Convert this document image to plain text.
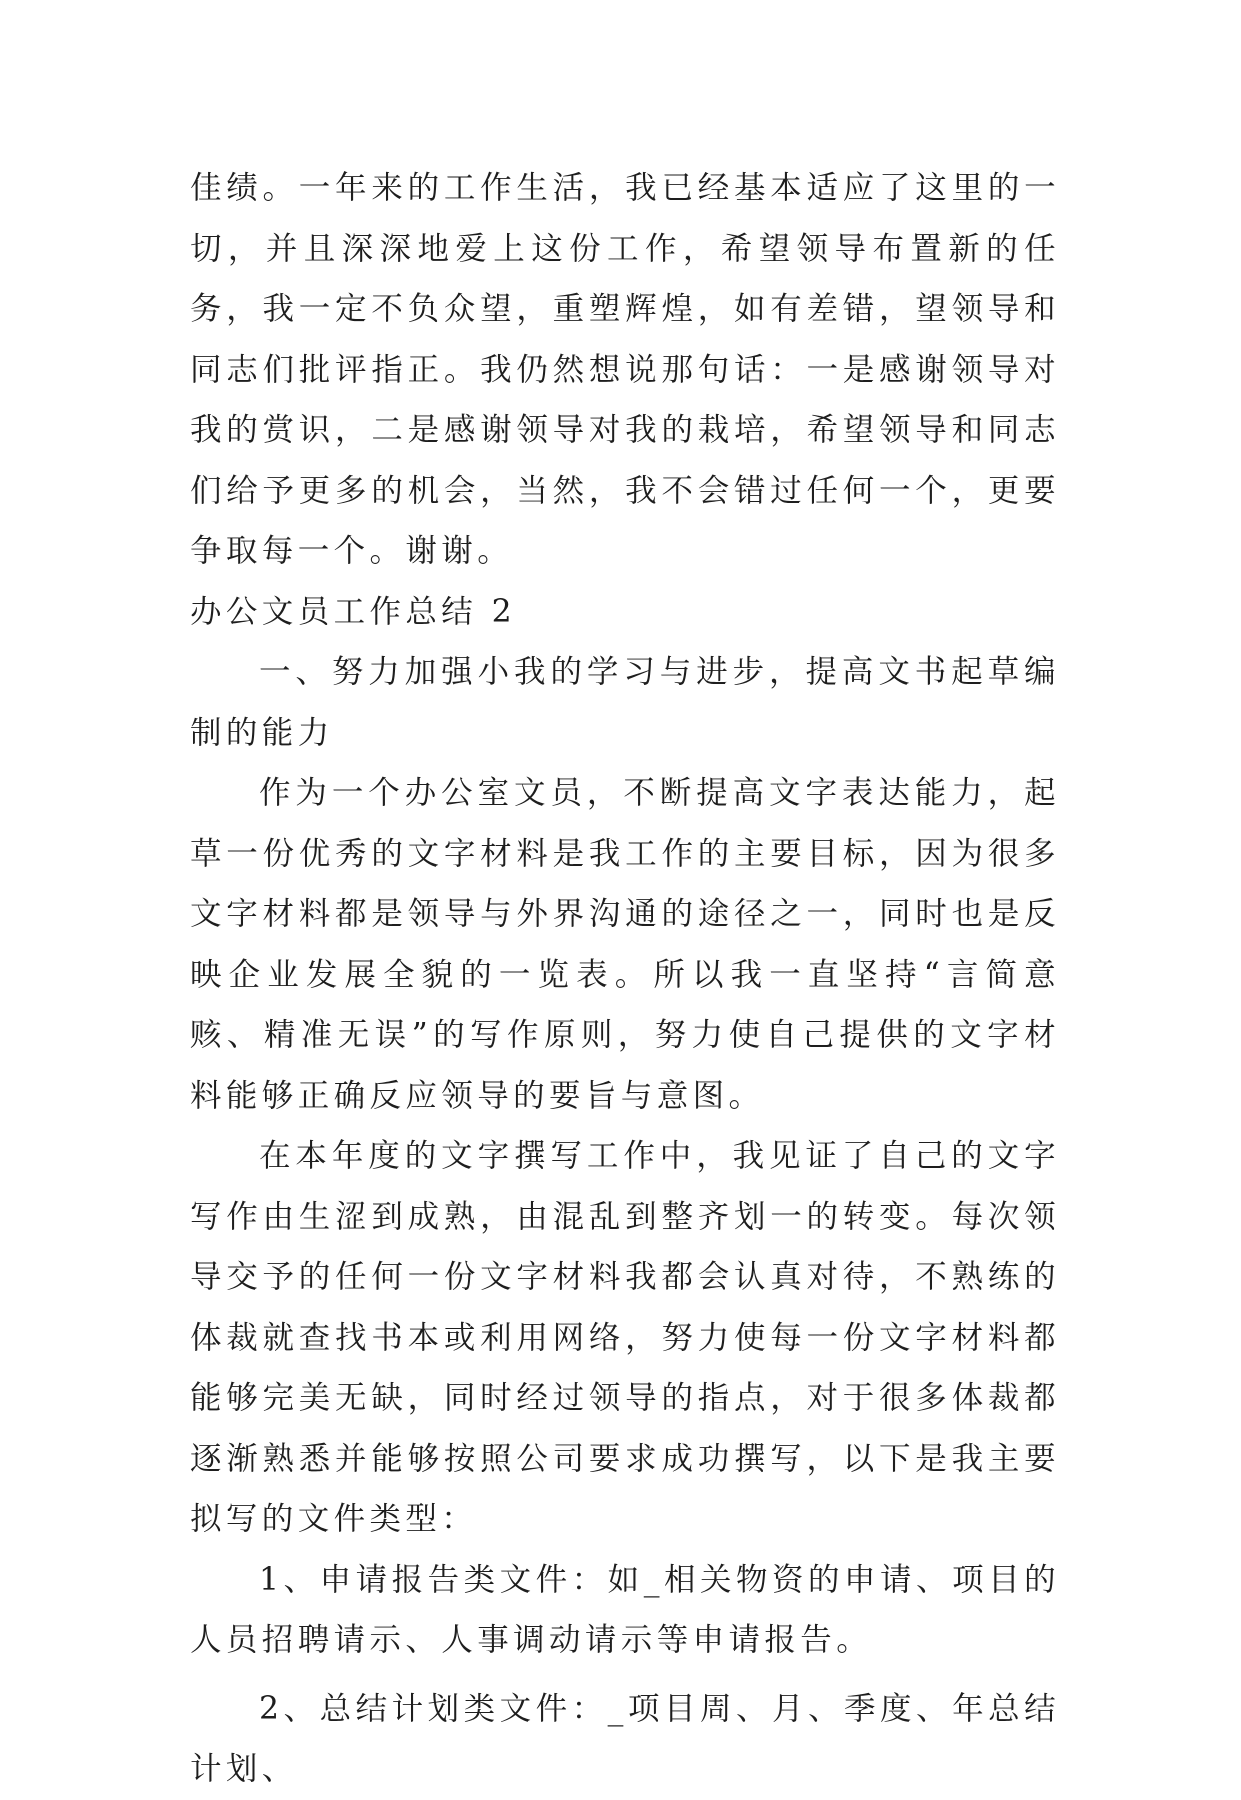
佳绩。一年来的工作生活，我已经基本适应了这里的一切，并且深深地爱上这份工作，希望领导布置新的任务，我一定不负众望，重塑辉煌，如有差错，望领导和同志们批评指正。我仍然想说那句话：一是感谢领导对我的赏识，二是感谢领导对我的栽培，希望领导和同志们给予更多的机会，当然，我不会错过任何一个，更要争取每一个。谢谢。

办公文员工作总结 2

一、努力加强小我的学习与进步，提高文书起草编制的能力

作为一个办公室文员，不断提高文字表达能力，起草一份优秀的文字材料是我工作的主要目标，因为很多文字材料都是领导与外界沟通的途径之一，同时也是反映企业发展全貌的一览表。所以我一直坚持“言简意赅、精准无误”的写作原则，努力使自己提供的文字材料能够正确反应领导的要旨与意图。

在本年度的文字撰写工作中，我见证了自己的文字写作由生涩到成熟，由混乱到整齐划一的转变。每次领导交予的任何一份文字材料我都会认真对待，不熟练的体裁就查找书本或利用网络，努力使每一份文字材料都能够完美无缺，同时经过领导的指点，对于很多体裁都逐渐熟悉并能够按照公司要求成功撰写，以下是我主要拟写的文件类型：

1、申请报告类文件：如_相关物资的申请、项目的人员招聘请示、人事调动请示等申请报告。

2、总结计划类文件：_项目周、月、季度、年总结计划、
